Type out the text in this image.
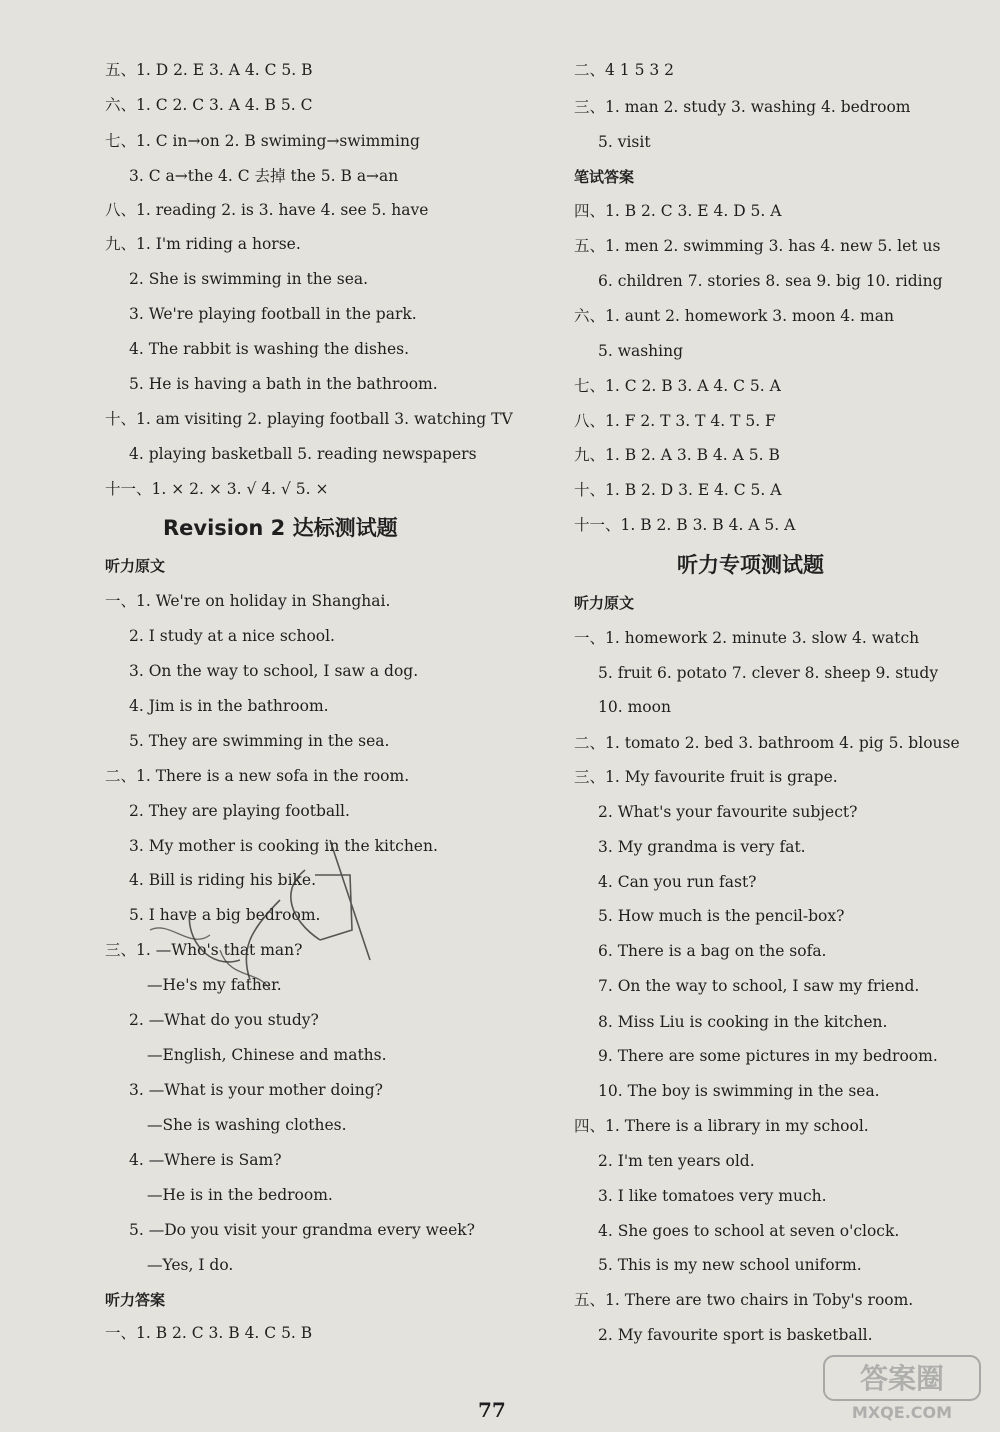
五、1. D 2. E 3. A 4. C 5. B
六、1. C 2. C 3. A 4. B 5. C
七、1. C in→on 2. B swiming→swimming
3. C a→the 4. C 去掉 the 5. B a→an
八、1. reading 2. is 3. have 4. see 5. have
九、1. I'm riding a horse.
2. She is swimming in the sea.
3. We're playing football in the park.
4. The rabbit is washing the dishes.
5. He is having a bath in the bathroom.
十、1. am visiting 2. playing football 3. watching TV
4. playing basketball 5. reading newspapers
十一、1. × 2. × 3. √ 4. √ 5. ×
Revision 2 达标测试题
听力原文
一、1. We're on holiday in Shanghai.
2. I study at a nice school.
3. On the way to school, I saw a dog.
4. Jim is in the bathroom.
5. They are swimming in the sea.
二、1. There is a new sofa in the room.
2. They are playing football.
3. My mother is cooking in the kitchen.
4. Bill is riding his bike.
5. I have a big bedroom.
三、1. —Who's that man?
—He's my father.
2. —What do you study?
—English, Chinese and maths.
3. —What is your mother doing?
—She is washing clothes.
4. —Where is Sam?
—He is in the bedroom.
5. —Do you visit your grandma every week?
—Yes, I do.
听力答案
一、1. B 2. C 3. B 4. C 5. B
二、4 1 5 3 2
三、1. man 2. study 3. washing 4. bedroom
5. visit
笔试答案
四、1. B 2. C 3. E 4. D 5. A
五、1. men 2. swimming 3. has 4. new 5. let us
6. children 7. stories 8. sea 9. big 10. riding
六、1. aunt 2. homework 3. moon 4. man
5. washing
七、1. C 2. B 3. A 4. C 5. A
八、1. F 2. T 3. T 4. T 5. F
九、1. B 2. A 3. B 4. A 5. B
十、1. B 2. D 3. E 4. C 5. A
十一、1. B 2. B 3. B 4. A 5. A
听力专项测试题
听力原文
一、1. homework 2. minute 3. slow 4. watch
5. fruit 6. potato 7. clever 8. sheep 9. study
10. moon
二、1. tomato 2. bed 3. bathroom 4. pig 5. blouse
三、1. My favourite fruit is grape.
2. What's your favourite subject?
3. My grandma is very fat.
4. Can you run fast?
5. How much is the pencil-box?
6. There is a bag on the sofa.
7. On the way to school, I saw my friend.
8. Miss Liu is cooking in the kitchen.
9. There are some pictures in my bedroom.
10. The boy is swimming in the sea.
四、1. There is a library in my school.
2. I'm ten years old.
3. I like tomatoes very much.
4. She goes to school at seven o'clock.
5. This is my new school uniform.
五、1. There are two chairs in Toby's room.
2. My favourite sport is basketball.
77
答案圈
MXQE.COM
